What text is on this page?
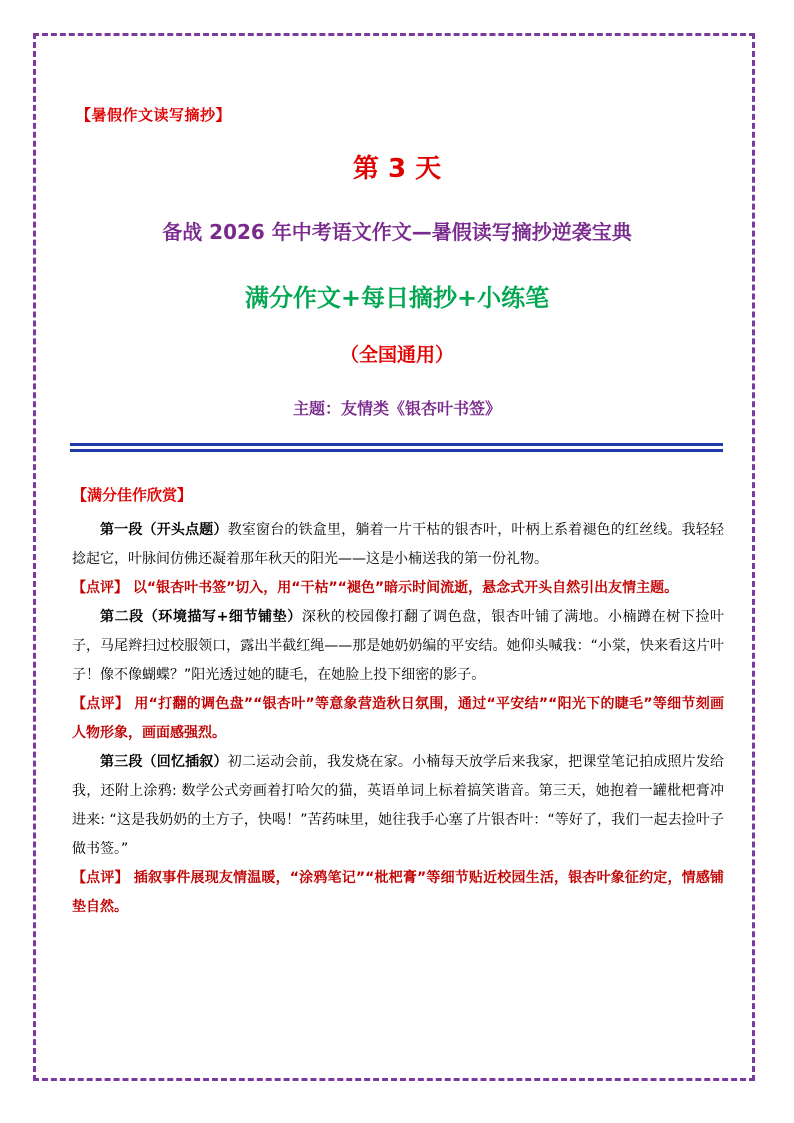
【暑假作文读写摘抄】
第 3 天
备战 2026 年中考语文作文—暑假读写摘抄逆袭宝典
满分作文+每日摘抄+小练笔
（全国通用）
主题：友情类《银杏叶书签》
【满分佳作欣赏】

第一段（开头点题）教室窗台的铁盒里，躺着一片干枯的银杏叶，叶柄上系着褪色的红丝线。我轻轻捻起它，叶脉间仿佛还凝着那年秋天的阳光——这是小楠送我的第一份礼物。

【点评】 以“银杏叶书签”切入，用“干枯”“褪色”暗示时间流逝，悬念式开头自然引出友情主题。

第二段（环境描写+细节铺垫）深秋的校园像打翻了调色盘，银杏叶铺了满地。小楠蹲在树下捡叶子，马尾辫扫过校服领口，露出半截红绳——那是她奶奶编的平安结。她仰头喊我：“小棠，快来看这片叶子！像不像蝴蝶？”阳光透过她的睫毛，在她脸上投下细密的影子。

【点评】 用“打翻的调色盘”“银杏叶”等意象营造秋日氛围，通过“平安结”“阳光下的睫毛”等细节刻画人物形象，画面感强烈。

第三段（回忆插叙）初二运动会前，我发烧在家。小楠每天放学后来我家，把课堂笔记拍成照片发给我，还附上涂鸦: 数学公式旁画着打哈欠的猫，英语单词上标着搞笑谐音。第三天，她抱着一罐枇杷膏冲进来: “这是我奶奶的土方子，快喝！”苦药味里，她往我手心塞了片银杏叶：“等好了，我们一起去捡叶子做书签。”

【点评】 插叙事件展现友情温暖，“涂鸦笔记”“枇杷膏”等细节贴近校园生活，银杏叶象征约定，情感铺垫自然。
